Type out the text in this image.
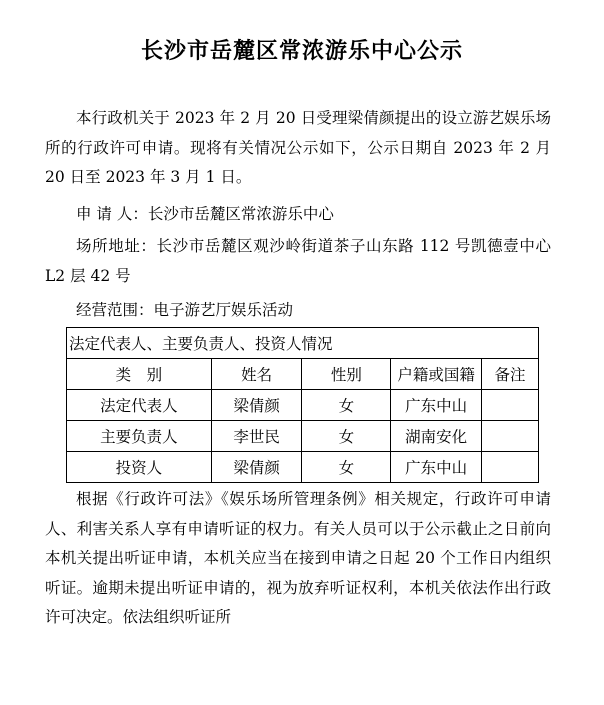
长沙市岳麓区常浓游乐中心公示

本行政机关于 2023 年 2 月 20 日受理梁倩颜提出的设立游艺娱乐场所的行政许可申请。现将有关情况公示如下，公示日期自 2023 年 2 月 20 日至 2023 年 3 月 1 日。

申 请 人：长沙市岳麓区常浓游乐中心

场所地址：长沙市岳麓区观沙岭街道茶子山东路 112 号凯德壹中心 L2 层 42 号

经营范围：电子游艺厅娱乐活动

法定代表人、主要负责人、投资人情况				
类　别	姓名	性别	户籍或国籍	备注
法定代表人	梁倩颜	女	广东中山	
主要负责人	李世民	女	湖南安化	
投资人	梁倩颜	女	广东中山	

根据《行政许可法》《娱乐场所管理条例》相关规定，行政许可申请人、利害关系人享有申请听证的权力。有关人员可以于公示截止之日前向本机关提出听证申请，本机关应当在接到申请之日起 20 个工作日内组织听证。逾期未提出听证申请的，视为放弃听证权利，本机关依法作出行政许可决定。依法组织听证所
